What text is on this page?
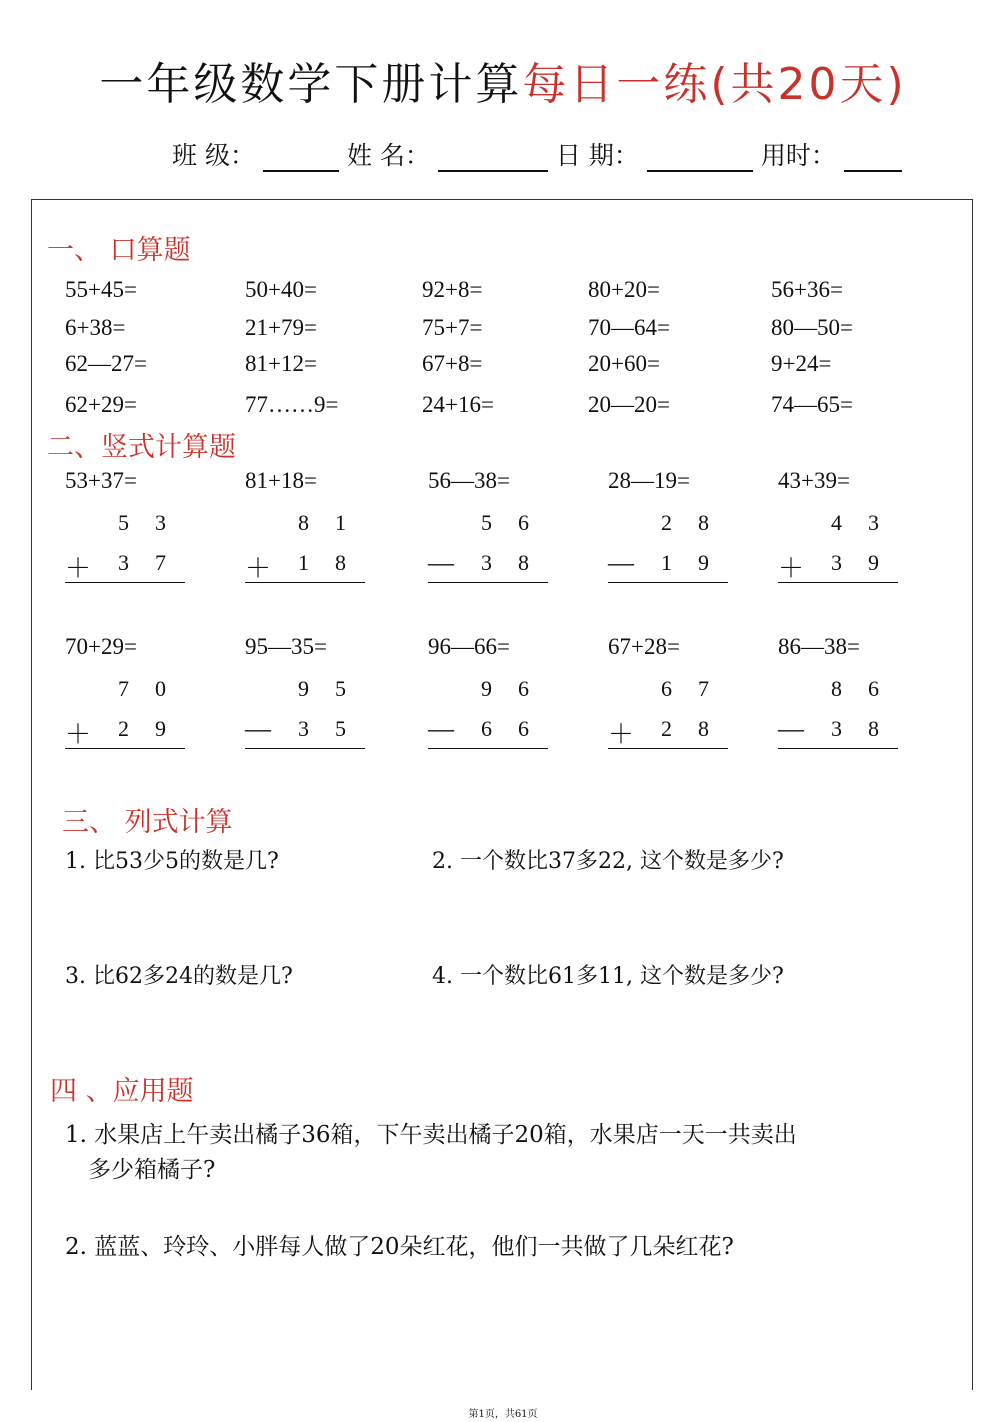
一年级数学下册计算每日一练(共20天)
班 级：	姓 名：	日 期：	用时：
一、 口算题
二、竖式计算题
三、 列式计算
1. 比53少5的数是几?	2. 一个数比37多22, 这个数是多少?
3. 比62多24的数是几?	4. 一个数比61多11, 这个数是多少?
四 、应用题
1. 水果店上午卖出橘子36箱，下午卖出橘子20箱，水果店一天一共卖出
多少箱橘子?
2. 蓝蓝、玲玲、小胖每人做了20朵红花，他们一共做了几朵红花?
第1页，共61页
55+45=	50+40=	92+8=	80+20=	56+36=
6+38=	21+79=	75+7=	70—64=	80—50=
62—27=	81+12=	67+8=	20+60=	9+24=
62+29=	77……9=	24+16=	20—20=	74—65=
53+37=
5 3
＋ 3 7
81+18=
8 1
＋ 1 8
56—38=
5 6
— 3 8
28—19=
2 8
— 1 9
43+39=
4 3
＋ 3 9
70+29=
7 0
＋ 2 9
95—35=
9 5
— 3 5
96—66=
9 6
— 6 6
67+28=
6 7
＋ 2 8
86—38=
8 6
— 3 8
